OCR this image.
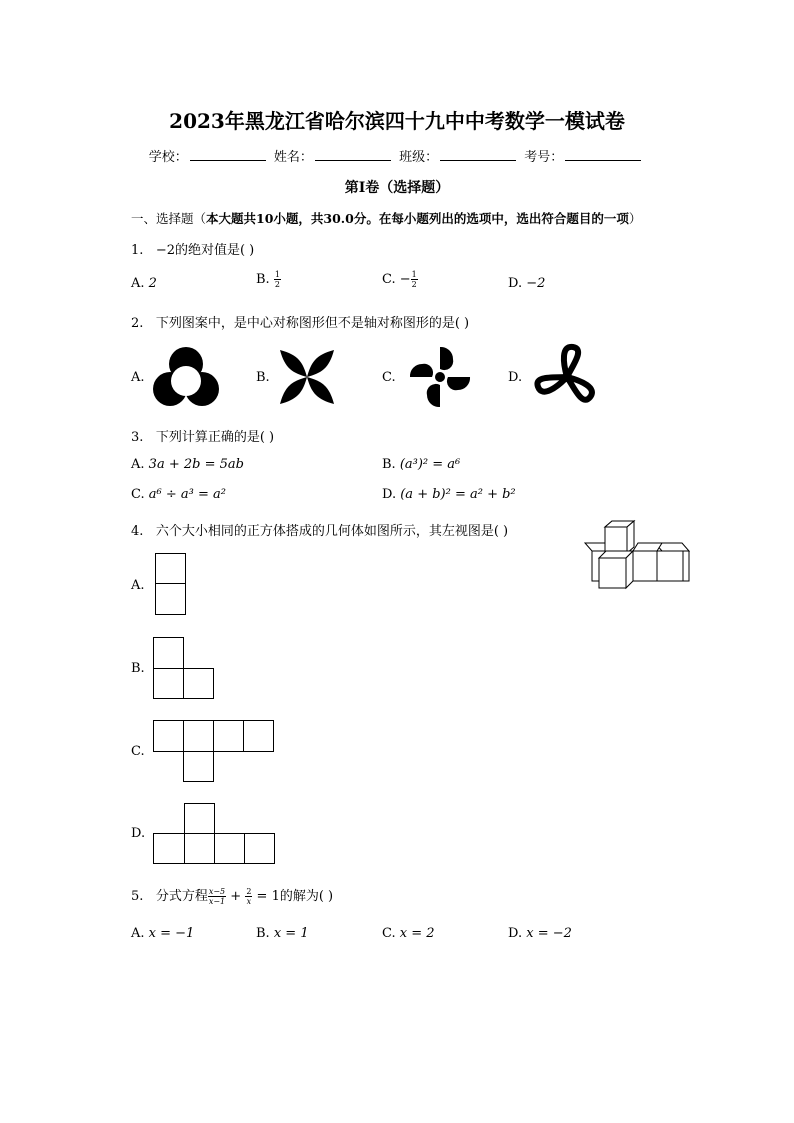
2023年黑龙江省哈尔滨四十九中中考数学一模试卷
学校：	姓名：	班级：	考号：
第Ⅰ卷（选择题）
一、选择题（本大题共10小题，共30.0分。在每小题列出的选项中，选出符合题目的一项）
1. −2的绝对值是( )
A. 2	B. $\frac{1}{2}$	C. − $\frac{1}{2}$	D. −2
2. 下列图案中，是中心对称图形但不是轴对称图形的是( )
A.	B.	C.	D.
3. 下列计算正确的是( )
A. 3a + 2b = 5ab	B. (a³)² = a⁶
C. a⁶ ÷ a³ = a²	D. (a + b)² = a² + b²
4. 六个大小相同的正方体搭成的几何体如图所示，其左视图是( )
A.
B.
C.
D.
5. 分式方程 $\frac{x-5}{x-1} + \frac{2}{x} = 1$的解为( )
A. x = −1	B. x = 1	C. x = 2	D. x = −2
